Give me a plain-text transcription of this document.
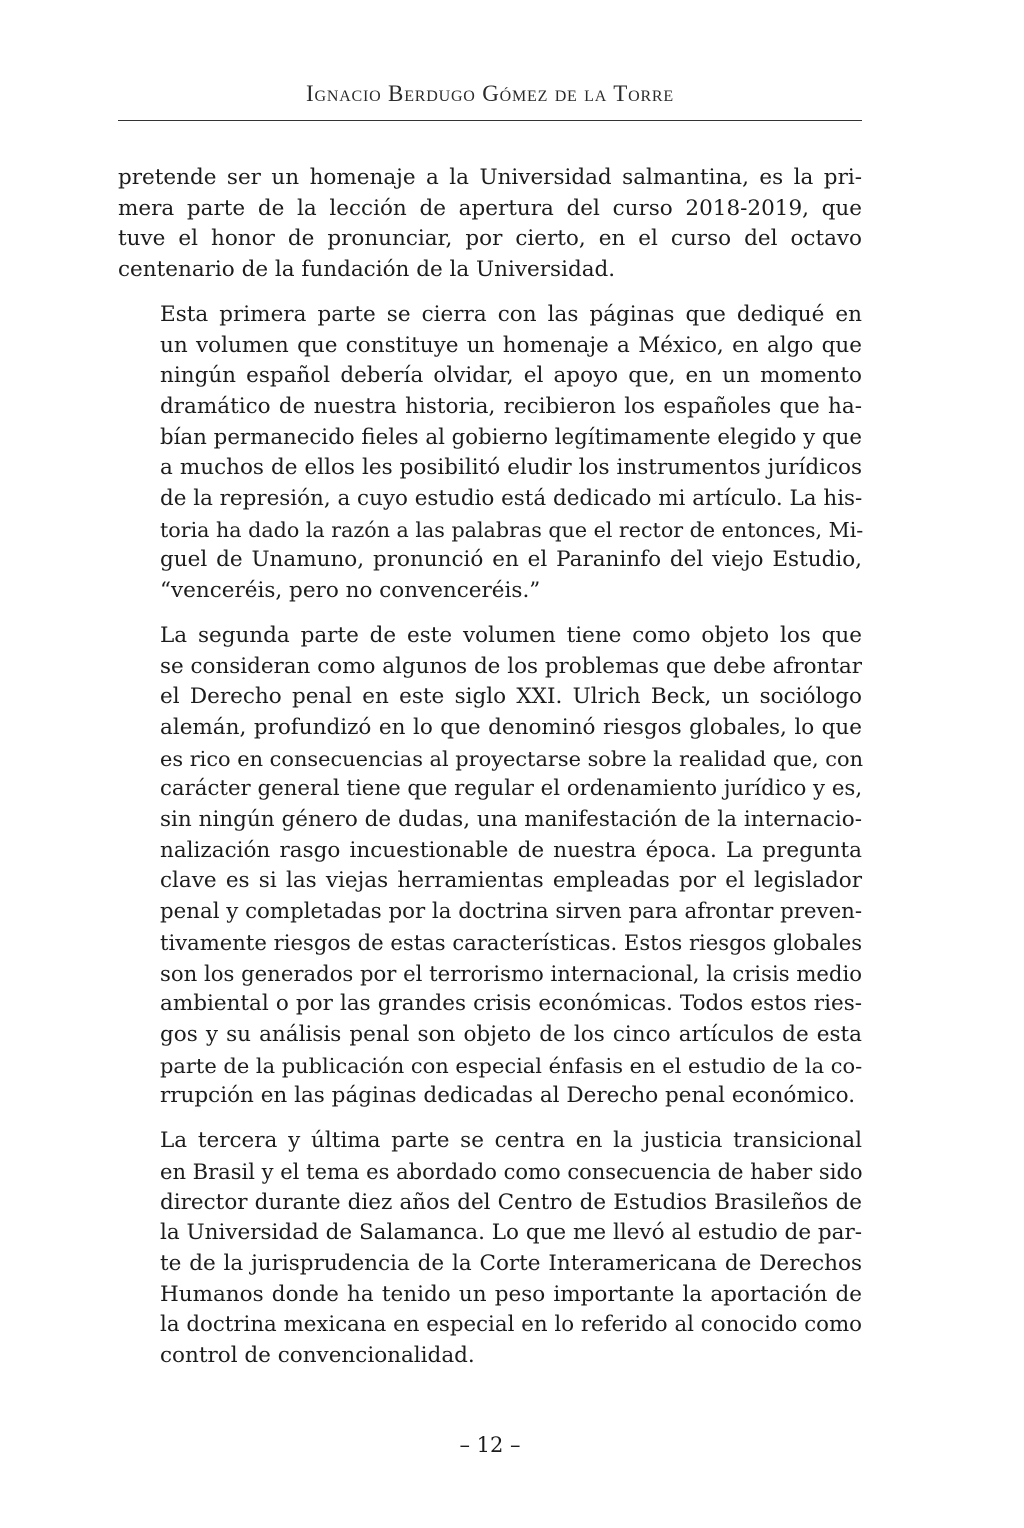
Ignacio Berdugo Gómez de la Torre

pretende ser un homenaje a la Universidad salmantina, es la pri-
mera parte de la lección de apertura del curso 2018-2019, que
tuve el honor de pronunciar, por cierto, en el curso del octavo
centenario de la fundación de la Universidad.

Esta primera parte se cierra con las páginas que dediqué en
un volumen que constituye un homenaje a México, en algo que
ningún español debería olvidar, el apoyo que, en un momento
dramático de nuestra historia, recibieron los españoles que ha-
bían permanecido fieles al gobierno legítimamente elegido y que
a muchos de ellos les posibilitó eludir los instrumentos jurídicos
de la represión, a cuyo estudio está dedicado mi artículo. La his-
toria ha dado la razón a las palabras que el rector de entonces, Mi-
guel de Unamuno, pronunció en el Paraninfo del viejo Estudio,
“venceréis, pero no convenceréis.”

La segunda parte de este volumen tiene como objeto los que
se consideran como algunos de los problemas que debe afrontar
el Derecho penal en este siglo XXI. Ulrich Beck, un sociólogo
alemán, profundizó en lo que denominó riesgos globales, lo que
es rico en consecuencias al proyectarse sobre la realidad que, con
carácter general tiene que regular el ordenamiento jurídico y es,
sin ningún género de dudas, una manifestación de la internacio-
nalización rasgo incuestionable de nuestra época. La pregunta
clave es si las viejas herramientas empleadas por el legislador
penal y completadas por la doctrina sirven para afrontar preven-
tivamente riesgos de estas características. Estos riesgos globales
son los generados por el terrorismo internacional, la crisis medio
ambiental o por las grandes crisis económicas. Todos estos ries-
gos y su análisis penal son objeto de los cinco artículos de esta
parte de la publicación con especial énfasis en el estudio de la co-
rrupción en las páginas dedicadas al Derecho penal económico.

La tercera y última parte se centra en la justicia transicional
en Brasil y el tema es abordado como consecuencia de haber sido
director durante diez años del Centro de Estudios Brasileños de
la Universidad de Salamanca. Lo que me llevó al estudio de par-
te de la jurisprudencia de la Corte Interamericana de Derechos
Humanos donde ha tenido un peso importante la aportación de
la doctrina mexicana en especial en lo referido al conocido como
control de convencionalidad.

– 12 –
